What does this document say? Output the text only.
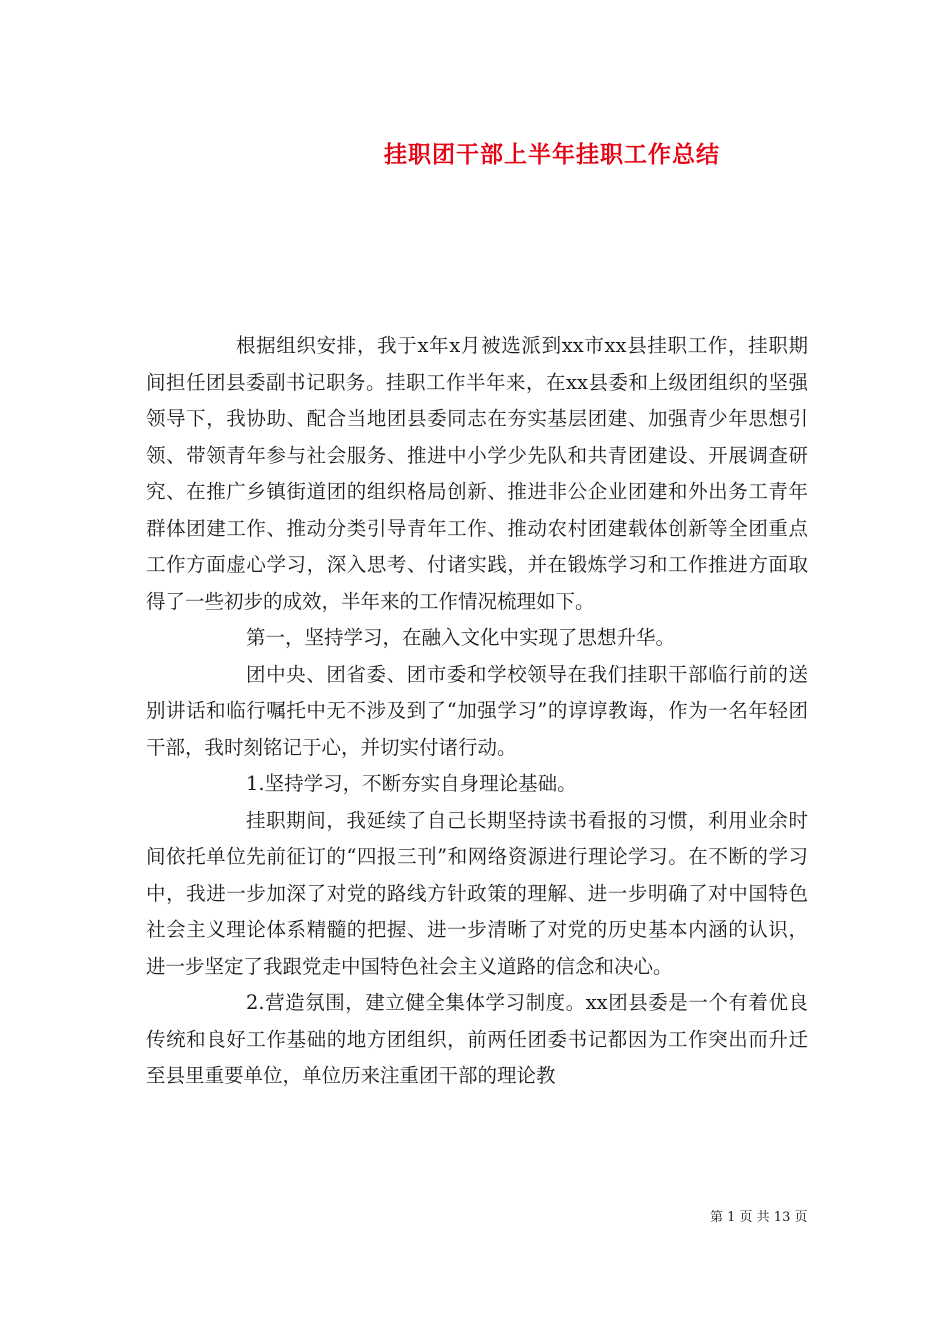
挂职团干部上半年挂职工作总结

根据组织安排，我于x年x月被选派到xx市xx县挂职工作，挂职期间担任团县委副书记职务。挂职工作半年来，在xx县委和上级团组织的坚强领导下，我协助、配合当地团县委同志在夯实基层团建、加强青少年思想引领、带领青年参与社会服务、推进中小学少先队和共青团建设、开展调查研究、在推广乡镇街道团的组织格局创新、推进非公企业团建和外出务工青年群体团建工作、推动分类引导青年工作、推动农村团建载体创新等全团重点工作方面虚心学习，深入思考、付诸实践，并在锻炼学习和工作推进方面取得了一些初步的成效，半年来的工作情况梳理如下。

第一，坚持学习，在融入文化中实现了思想升华。

团中央、团省委、团市委和学校领导在我们挂职干部临行前的送别讲话和临行嘱托中无不涉及到了“加强学习”的谆谆教诲，作为一名年轻团干部，我时刻铭记于心，并切实付诸行动。

1.坚持学习，不断夯实自身理论基础。

挂职期间，我延续了自己长期坚持读书看报的习惯，利用业余时间依托单位先前征订的“四报三刊”和网络资源进行理论学习。在不断的学习中，我进一步加深了对党的路线方针政策的理解、进一步明确了对中国特色社会主义理论体系精髓的把握、进一步清晰了对党的历史基本内涵的认识，进一步坚定了我跟党走中国特色社会主义道路的信念和决心。

2.营造氛围，建立健全集体学习制度。xx团县委是一个有着优良传统和良好工作基础的地方团组织，前两任团委书记都因为工作突出而升迁至县里重要单位，单位历来注重团干部的理论教

第 1 页 共 13 页
